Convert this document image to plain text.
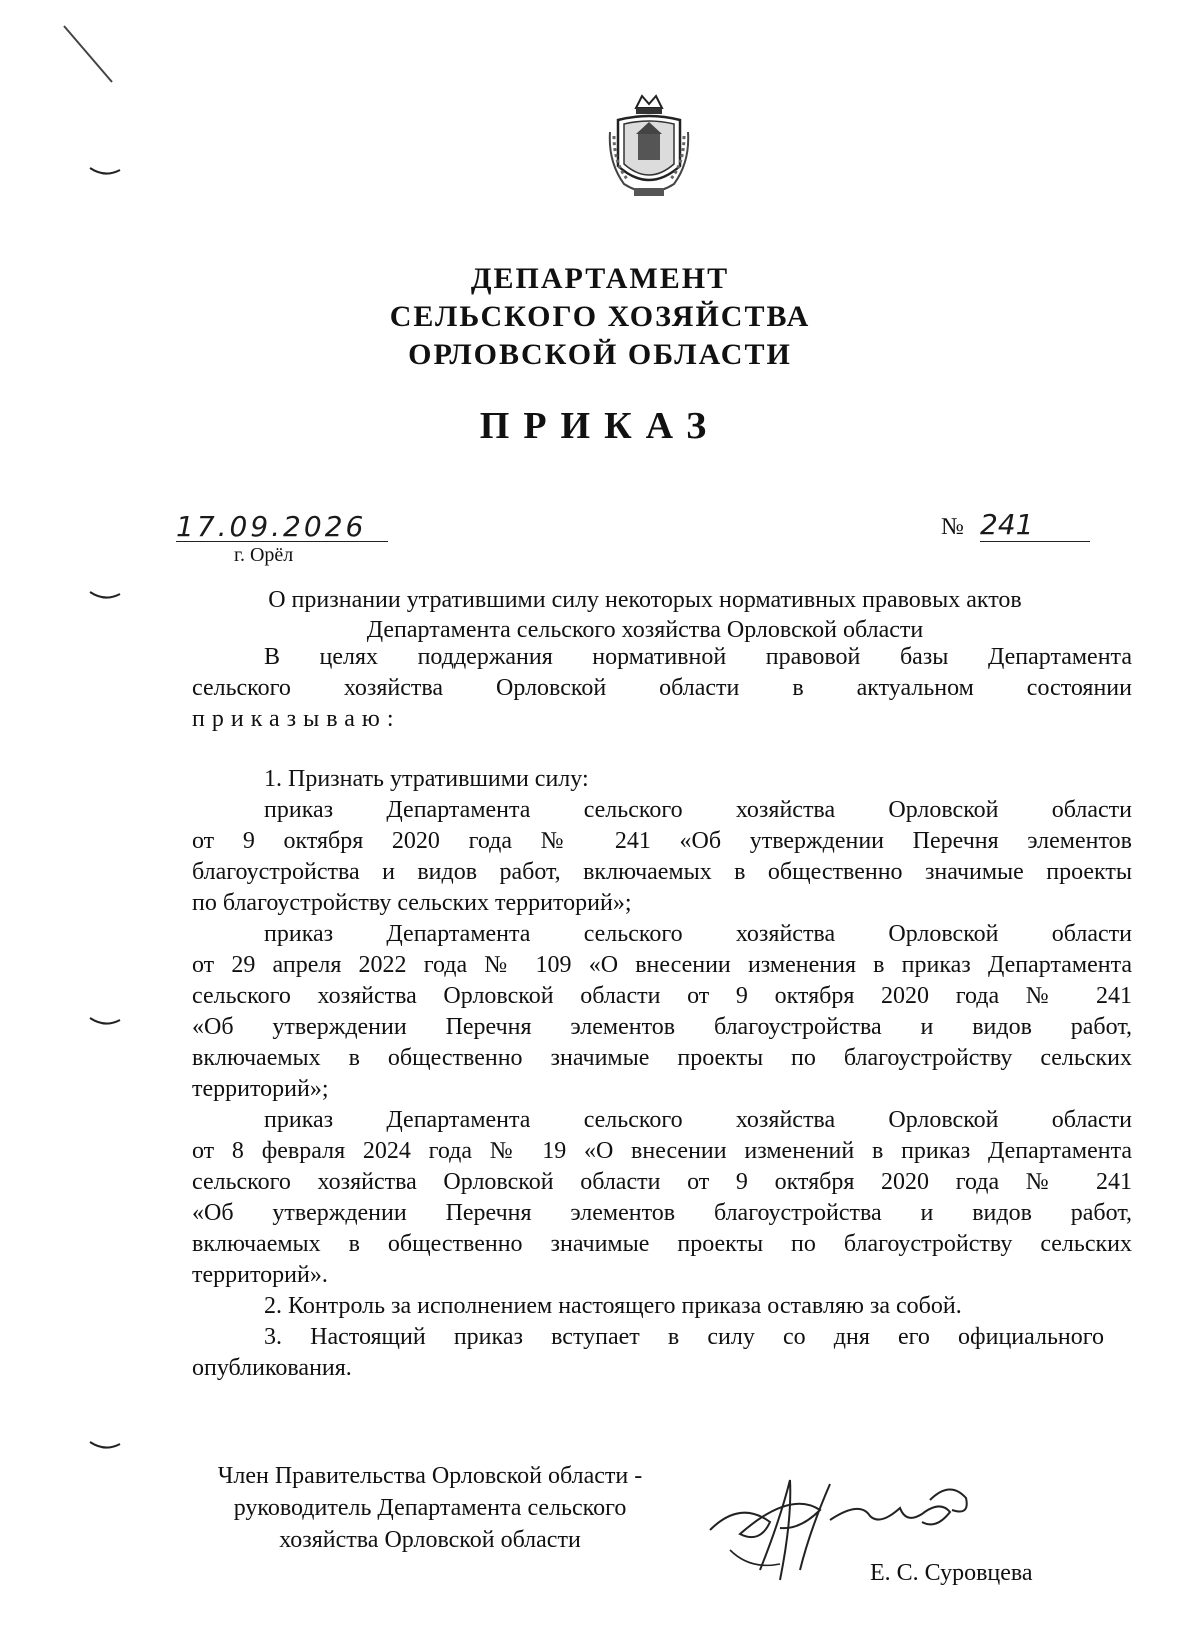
ДЕПАРТАМЕНТ
СЕЛЬСКОГО ХОЗЯЙСТВА
ОРЛОВСКОЙ ОБЛАСТИ
ПРИКАЗ
17.09.2026
г. Орёл
№ 241
О признании утратившими силу некоторых нормативных правовых актов
Департамента сельского хозяйства Орловской области
В целях поддержания нормативной правовой базы Департамента
сельского хозяйства Орловской области в актуальном состоянии
приказываю:
1. Признать утратившими силу:
приказ Департамента сельского хозяйства Орловской области
от 9 октября 2020 года № 241 «Об утверждении Перечня элементов
благоустройства и видов работ, включаемых в общественно значимые проекты
по благоустройству сельских территорий»;
приказ Департамента сельского хозяйства Орловской области
от 29 апреля 2022 года № 109 «О внесении изменения в приказ Департамента
сельского хозяйства Орловской области от 9 октября 2020 года № 241
«Об утверждении Перечня элементов благоустройства и видов работ,
включаемых в общественно значимые проекты по благоустройству сельских
территорий»;
приказ Департамента сельского хозяйства Орловской области
от 8 февраля 2024 года № 19 «О внесении изменений в приказ Департамента
сельского хозяйства Орловской области от 9 октября 2020 года № 241
«Об утверждении Перечня элементов благоустройства и видов работ,
включаемых в общественно значимые проекты по благоустройству сельских
территорий».
2. Контроль за исполнением настоящего приказа оставляю за собой.
3. Настоящий приказ вступает в силу со дня его официального
опубликования.
Член Правительства Орловской области -
руководитель Департамента сельского
хозяйства Орловской области
Е. С. Суровцева
